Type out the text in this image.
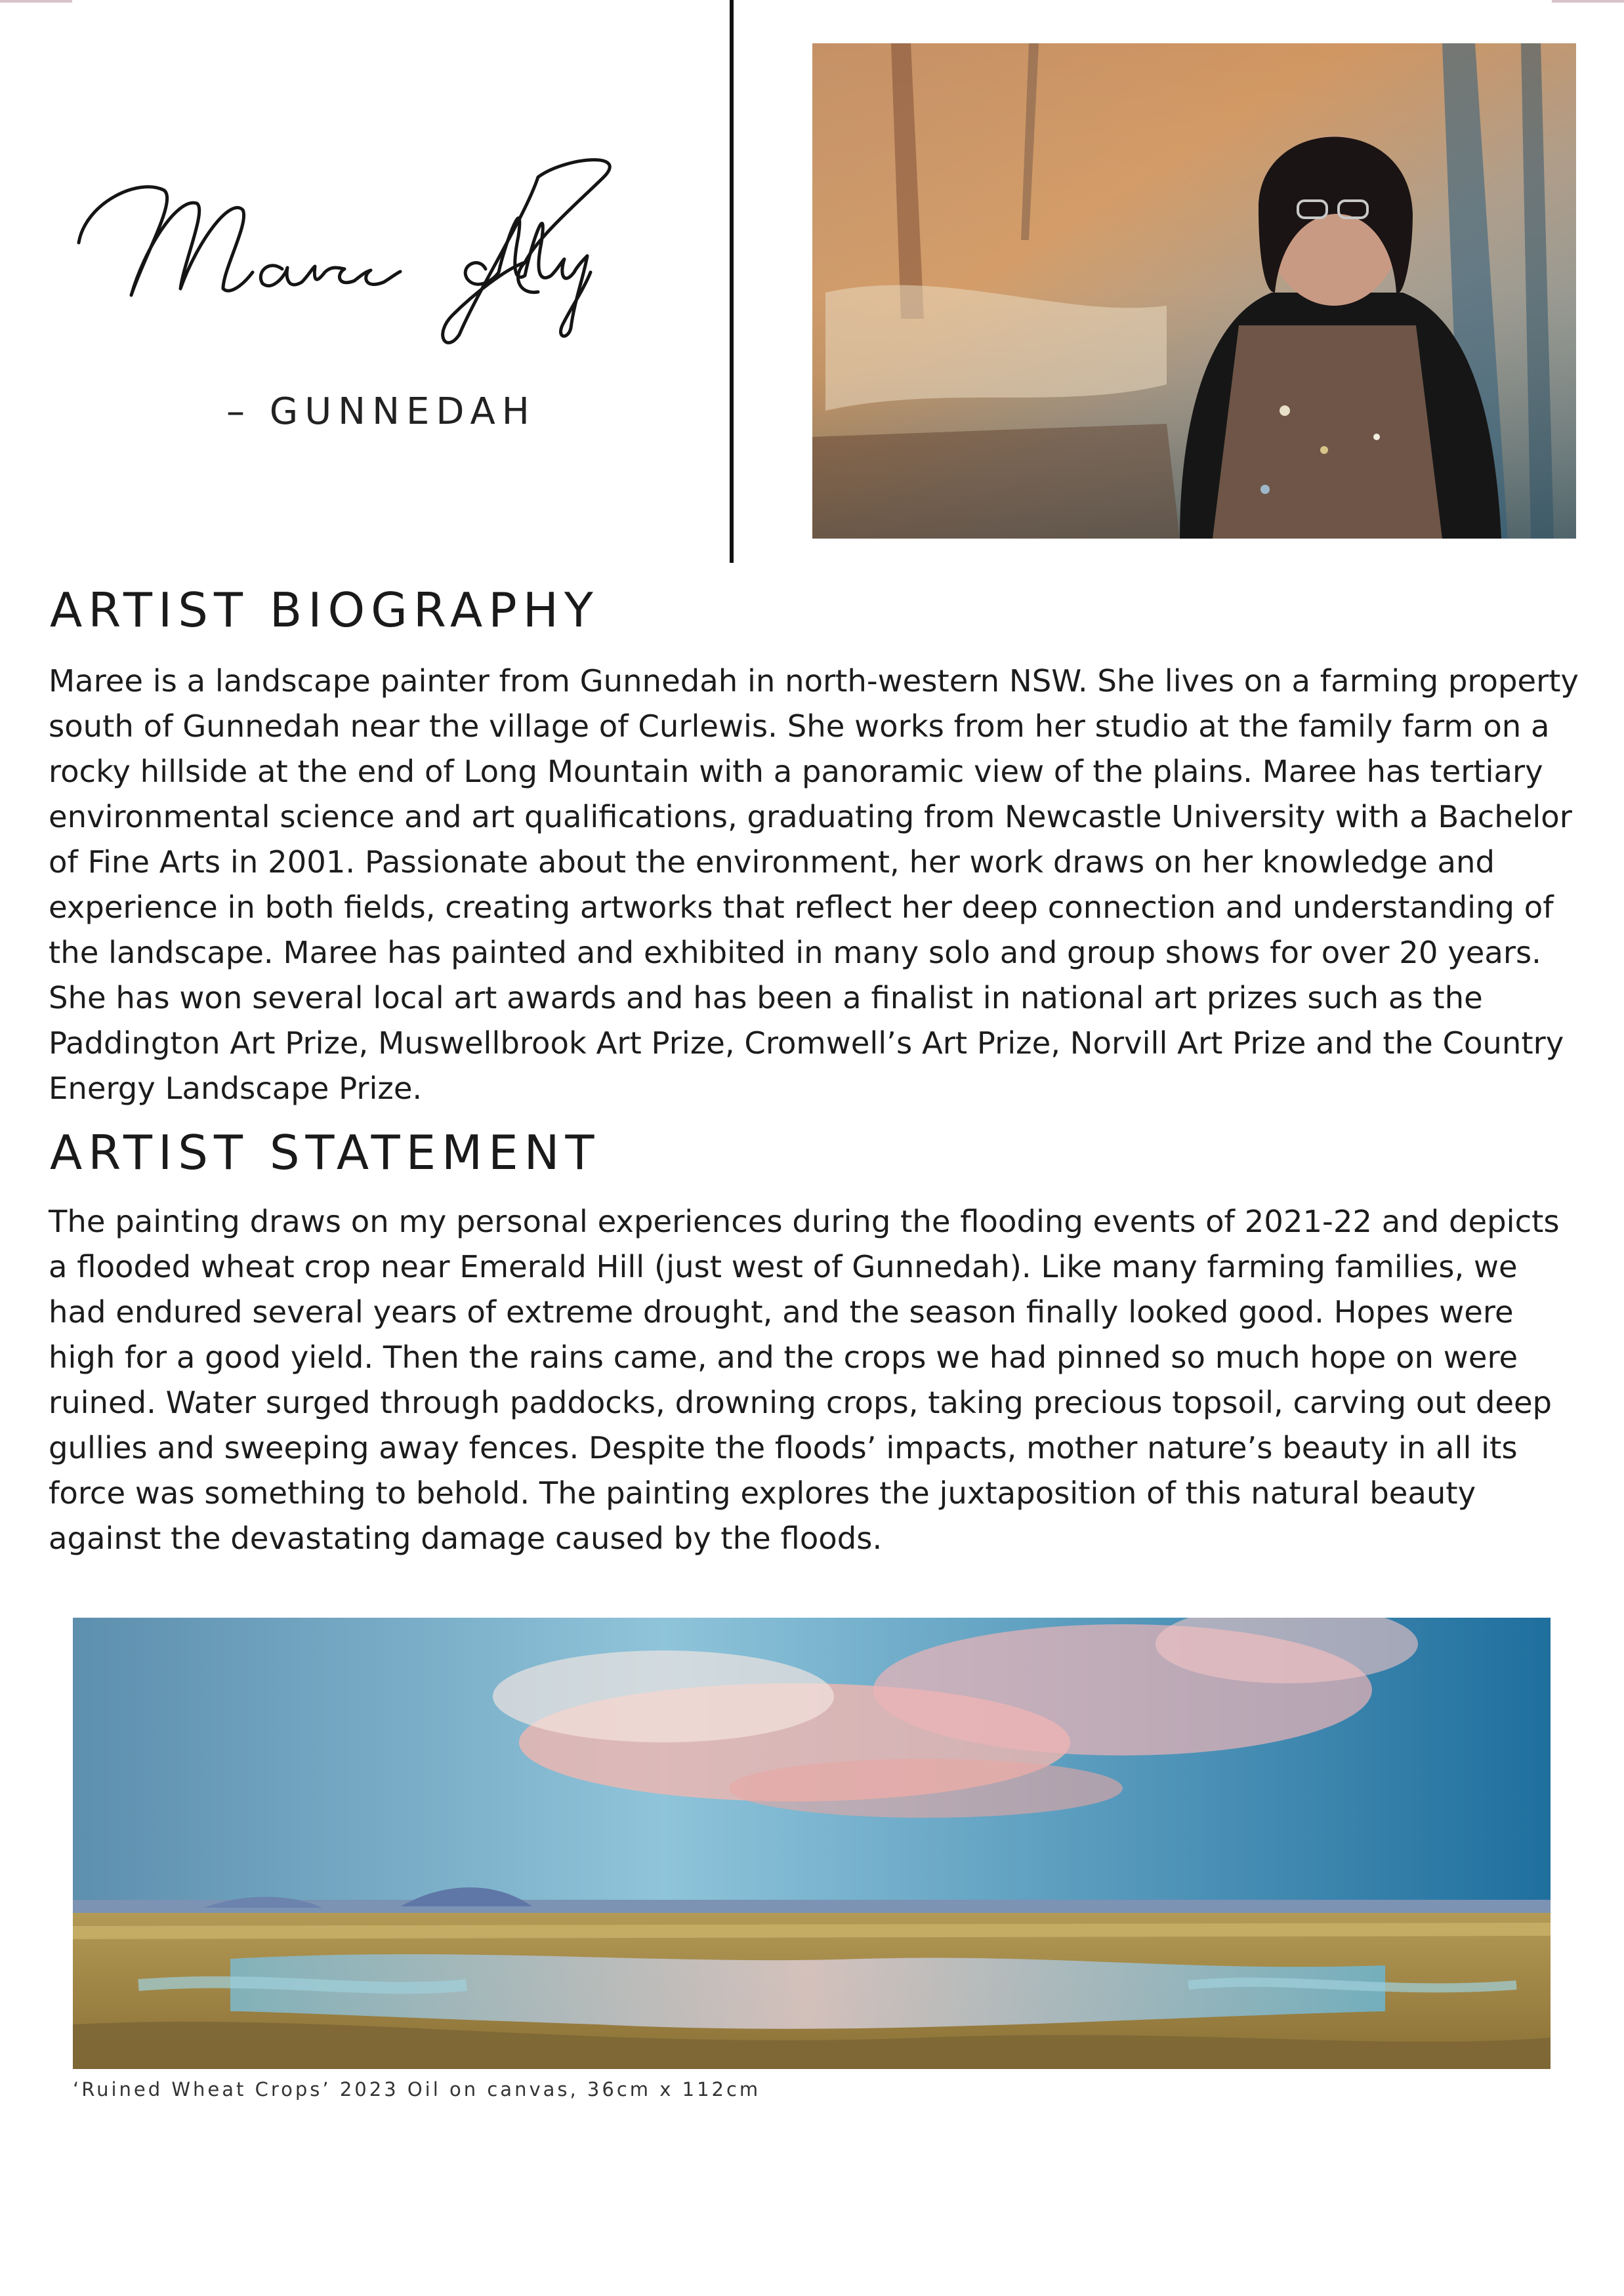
– GUNNEDAH
ARTIST BIOGRAPHY

Maree is a landscape painter from Gunnedah in north-western NSW. She lives on a farming property south of Gunnedah near the village of Curlewis. She works from her studio at the family farm on a rocky hillside at the end of Long Mountain with a panoramic view of the plains. Maree has tertiary environmental science and art qualifications, graduating from Newcastle University with a Bachelor of Fine Arts in 2001. Passionate about the environment, her work draws on her knowledge and experience in both fields, creating artworks that reflect her deep connection and understanding of the landscape. Maree has painted and exhibited in many solo and group shows for over 20 years. She has won several local art awards and has been a finalist in national art prizes such as the Paddington Art Prize, Muswellbrook Art Prize, Cromwell’s Art Prize, Norvill Art Prize and the Country Energy Landscape Prize.

ARTIST STATEMENT

The painting draws on my personal experiences during the flooding events of 2021-22 and depicts a flooded wheat crop near Emerald Hill (just west of Gunnedah). Like many farming families, we had endured several years of extreme drought, and the season finally looked good. Hopes were high for a good yield. Then the rains came, and the crops we had pinned so much hope on were ruined. Water surged through paddocks, drowning crops, taking precious topsoil, carving out deep gullies and sweeping away fences. Despite the floods’ impacts, mother nature’s beauty in all its force was something to behold. The painting explores the juxtaposition of this natural beauty against the devastating damage caused by the floods.

‘Ruined Wheat Crops’ 2023 Oil on canvas, 36cm x 112cm
